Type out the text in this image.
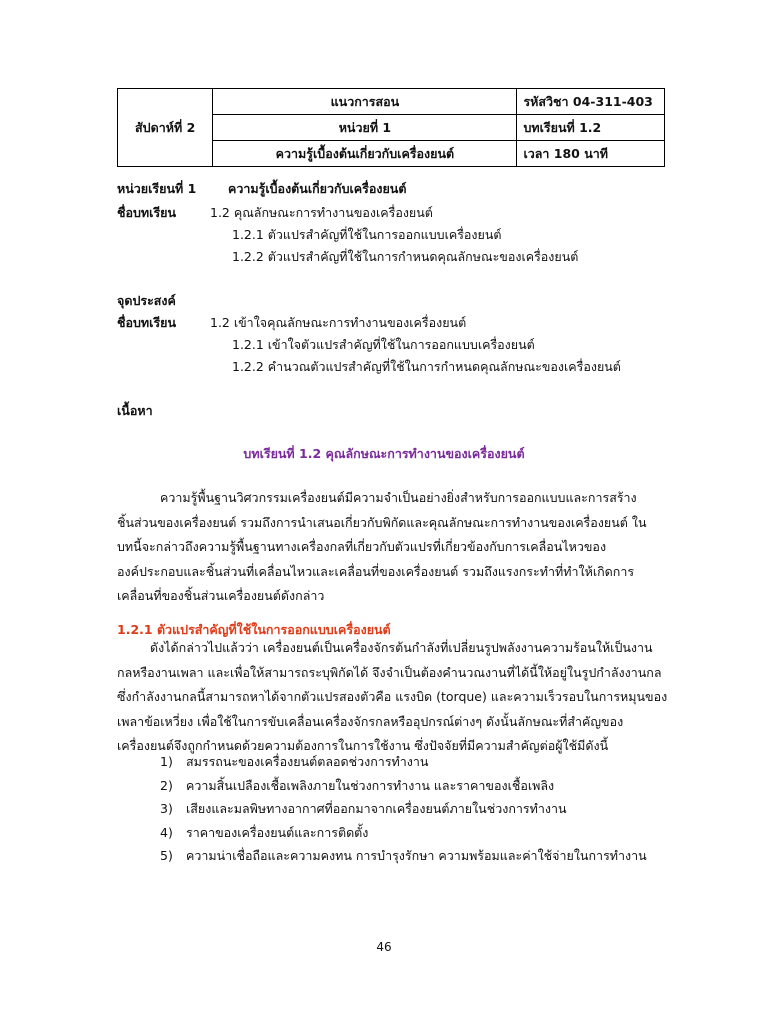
สัปดาห์ที่ 2	แนวการสอน	รหัสวิชา 04-311-403
	หน่วยที่ 1	บทเรียนที่ 1.2
	ความรู้เบื้องต้นเกี่ยวกับเครื่องยนต์	เวลา 180 นาที
หน่วยเรียนที่ 1	ความรู้เบื้องต้นเกี่ยวกับเครื่องยนต์
ชื่อบทเรียน	1.2 คุณลักษณะการทำงานของเครื่องยนต์
1.2.1 ตัวแปรสำคัญที่ใช้ในการออกแบบเครื่องยนต์
1.2.2 ตัวแปรสำคัญที่ใช้ในการกำหนดคุณลักษณะของเครื่องยนต์
จุดประสงค์
ชื่อบทเรียน	1.2 เข้าใจคุณลักษณะการทำงานของเครื่องยนต์
1.2.1 เข้าใจตัวแปรสำคัญที่ใช้ในการออกแบบเครื่องยนต์
1.2.2 คำนวณตัวแปรสำคัญที่ใช้ในการกำหนดคุณลักษณะของเครื่องยนต์
เนื้อหา
บทเรียนที่ 1.2 คุณลักษณะการทำงานของเครื่องยนต์
ความรู้พื้นฐานวิศวกรรมเครื่องยนต์มีความจำเป็นอย่างยิ่งสำหรับการออกแบบและการสร้าง
ชิ้นส่วนของเครื่องยนต์ รวมถึงการนำเสนอเกี่ยวกับพิกัดและคุณลักษณะการทำงานของเครื่องยนต์ ใน
บทนี้จะกล่าวถึงความรู้พื้นฐานทางเครื่องกลที่เกี่ยวกับตัวแปรที่เกี่ยวข้องกับการเคลื่อนไหวของ
องค์ประกอบและชิ้นส่วนที่เคลื่อนไหวและเคลื่อนที่ของเครื่องยนต์ รวมถึงแรงกระทำที่ทำให้เกิดการ
เคลื่อนที่ของชิ้นส่วนเครื่องยนต์ดังกล่าว
1.2.1 ตัวแปรสำคัญที่ใช้ในการออกแบบเครื่องยนต์
ดังได้กล่าวไปแล้วว่า เครื่องยนต์เป็นเครื่องจักรต้นกำลังที่เปลี่ยนรูปพลังงานความร้อนให้เป็นงาน
กลหรืองานเพลา และเพื่อให้สามารถระบุพิกัดได้ จึงจำเป็นต้องคำนวณงานที่ได้นี้ให้อยู่ในรูปกำลังงานกล
ซึ่งกำลังงานกลนี้สามารถหาได้จากตัวแปรสองตัวคือ แรงบิด (torque) และความเร็วรอบในการหมุนของ
เพลาข้อเหวี่ยง เพื่อใช้ในการขับเคลื่อนเครื่องจักรกลหรืออุปกรณ์ต่างๆ ดังนั้นลักษณะที่สำคัญของ
เครื่องยนต์จึงถูกกำหนดด้วยความต้องการในการใช้งาน ซึ่งปัจจัยที่มีความสำคัญต่อผู้ใช้มีดังนี้
1) สมรรถนะของเครื่องยนต์ตลอดช่วงการทำงาน
2) ความสิ้นเปลืองเชื้อเพลิงภายในช่วงการทำงาน และราคาของเชื้อเพลิง
3) เสียงและมลพิษทางอากาศที่ออกมาจากเครื่องยนต์ภายในช่วงการทำงาน
4) ราคาของเครื่องยนต์และการติดตั้ง
5) ความน่าเชื่อถือและความคงทน การบำรุงรักษา ความพร้อมและค่าใช้จ่ายในการทำงาน
46
